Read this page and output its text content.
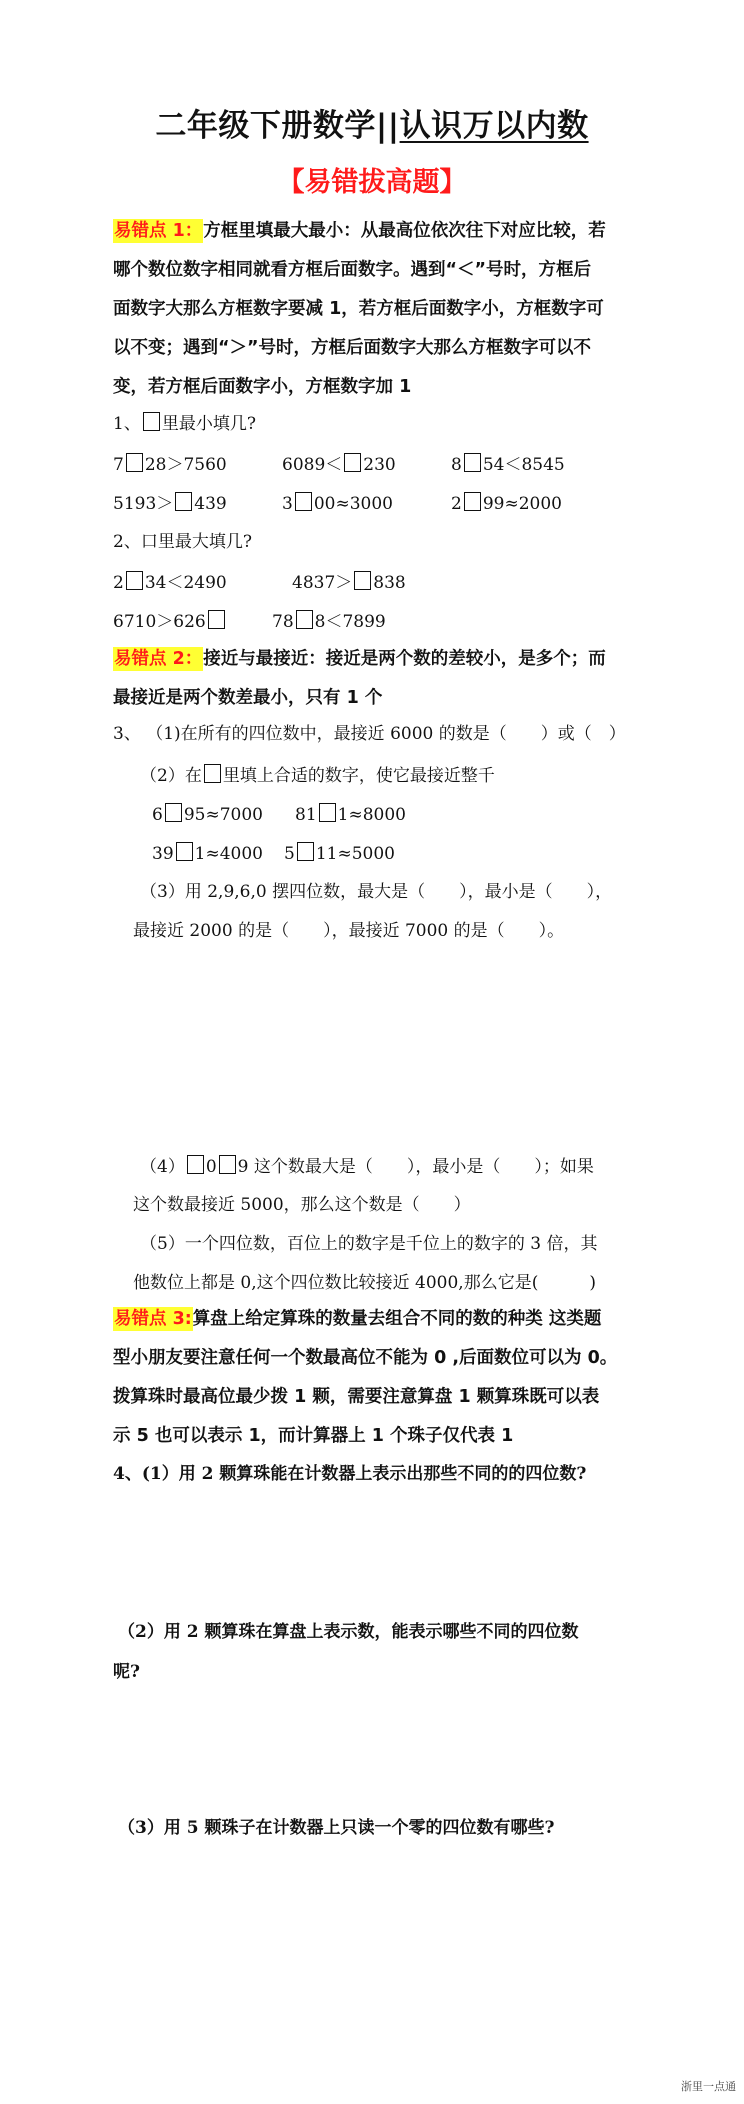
二年级下册数学||认识万以内数
【易错拔高题】
易错点 1：方框里填最大最小：从最高位依次往下对应比较，若
哪个数位数字相同就看方框后面数字。遇到“＜”号时，方框后
面数字大那么方框数字要减 1，若方框后面数字小，方框数字可
以不变；遇到“＞”号时，方框后面数字大那么方框数字可以不
变，若方框后面数字小，方框数字加 1
1、 里最小填几?
7 28＞7560	6089＜ 230	8 54＜8545
5193＞ 439	3 00≈3000	2 99≈2000
2、口里最大填几?
2 34＜2490	4837＞ 838
6710＞626	78 8＜7899
易错点 2：接近与最接近：接近是两个数的差较小，是多个；而
最接近是两个数差最小，只有 1 个
3、 （1)在所有的四位数中，最接近 6000 的数是（　　）或（　）
（2）在 里填上合适的数字，使它最接近整千
6 95≈7000 81 1≈8000
39 1≈4000 5 11≈5000
（3）用 2,9,6,0 摆四位数，最大是（　　），最小是（　　），
最接近 2000 的是（　　），最接近 7000 的是（　　）。
（4） 0 9 这个数最大是（　　），最小是（　　）；如果
这个数最接近 5000，那么这个数是（　　）
（5）一个四位数，百位上的数字是千位上的数字的 3 倍，其
他数位上都是 0,这个四位数比较接近 4000,那么它是(　　　)
易错点 3:算盘上给定算珠的数量去组合不同的数的种类 这类题
型小朋友要注意任何一个数最高位不能为 0 ,后面数位可以为 0。
拨算珠时最高位最少拨 1 颗，需要注意算盘 1 颗算珠既可以表
示 5 也可以表示 1，而计算器上 1 个珠子仅代表 1
4、(1）用 2 颗算珠能在计数器上表示出那些不同的的四位数?
（2）用 2 颗算珠在算盘上表示数，能表示哪些不同的四位数
呢?
（3）用 5 颗珠子在计数器上只读一个零的四位数有哪些?
浙里一点通
